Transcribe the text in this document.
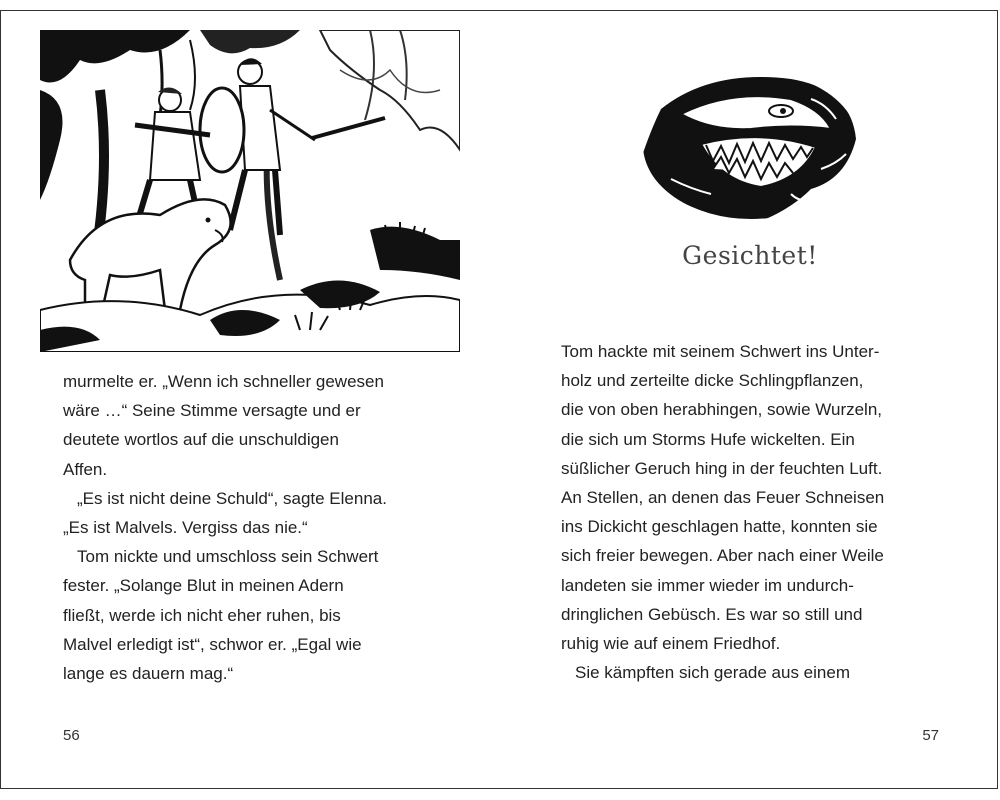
murmelte er. „Wenn ich schneller gewesen
wäre …“ Seine Stimme versagte und er
deutete wortlos auf die unschuldigen
Affen.
„Es ist nicht deine Schuld“, sagte Elenna.
„Es ist Malvels. Vergiss das nie.“
Tom nickte und umschloss sein Schwert
fester. „Solange Blut in meinen Adern
fließt, werde ich nicht eher ruhen, bis
Malvel erledigt ist“, schwor er. „Egal wie
lange es dauern mag.“

56
Gesichtet!

Tom hackte mit seinem Schwert ins Unter-
holz und zerteilte dicke Schlingpflanzen,
die von oben herabhingen, sowie Wurzeln,
die sich um Storms Hufe wickelten. Ein
süßlicher Geruch hing in der feuchten Luft.
An Stellen, an denen das Feuer Schneisen
ins Dickicht geschlagen hatte, konnten sie
sich freier bewegen. Aber nach einer Weile
landeten sie immer wieder im undurch-
dringlichen Gebüsch. Es war so still und
ruhig wie auf einem Friedhof.
Sie kämpften sich gerade aus einem

57
